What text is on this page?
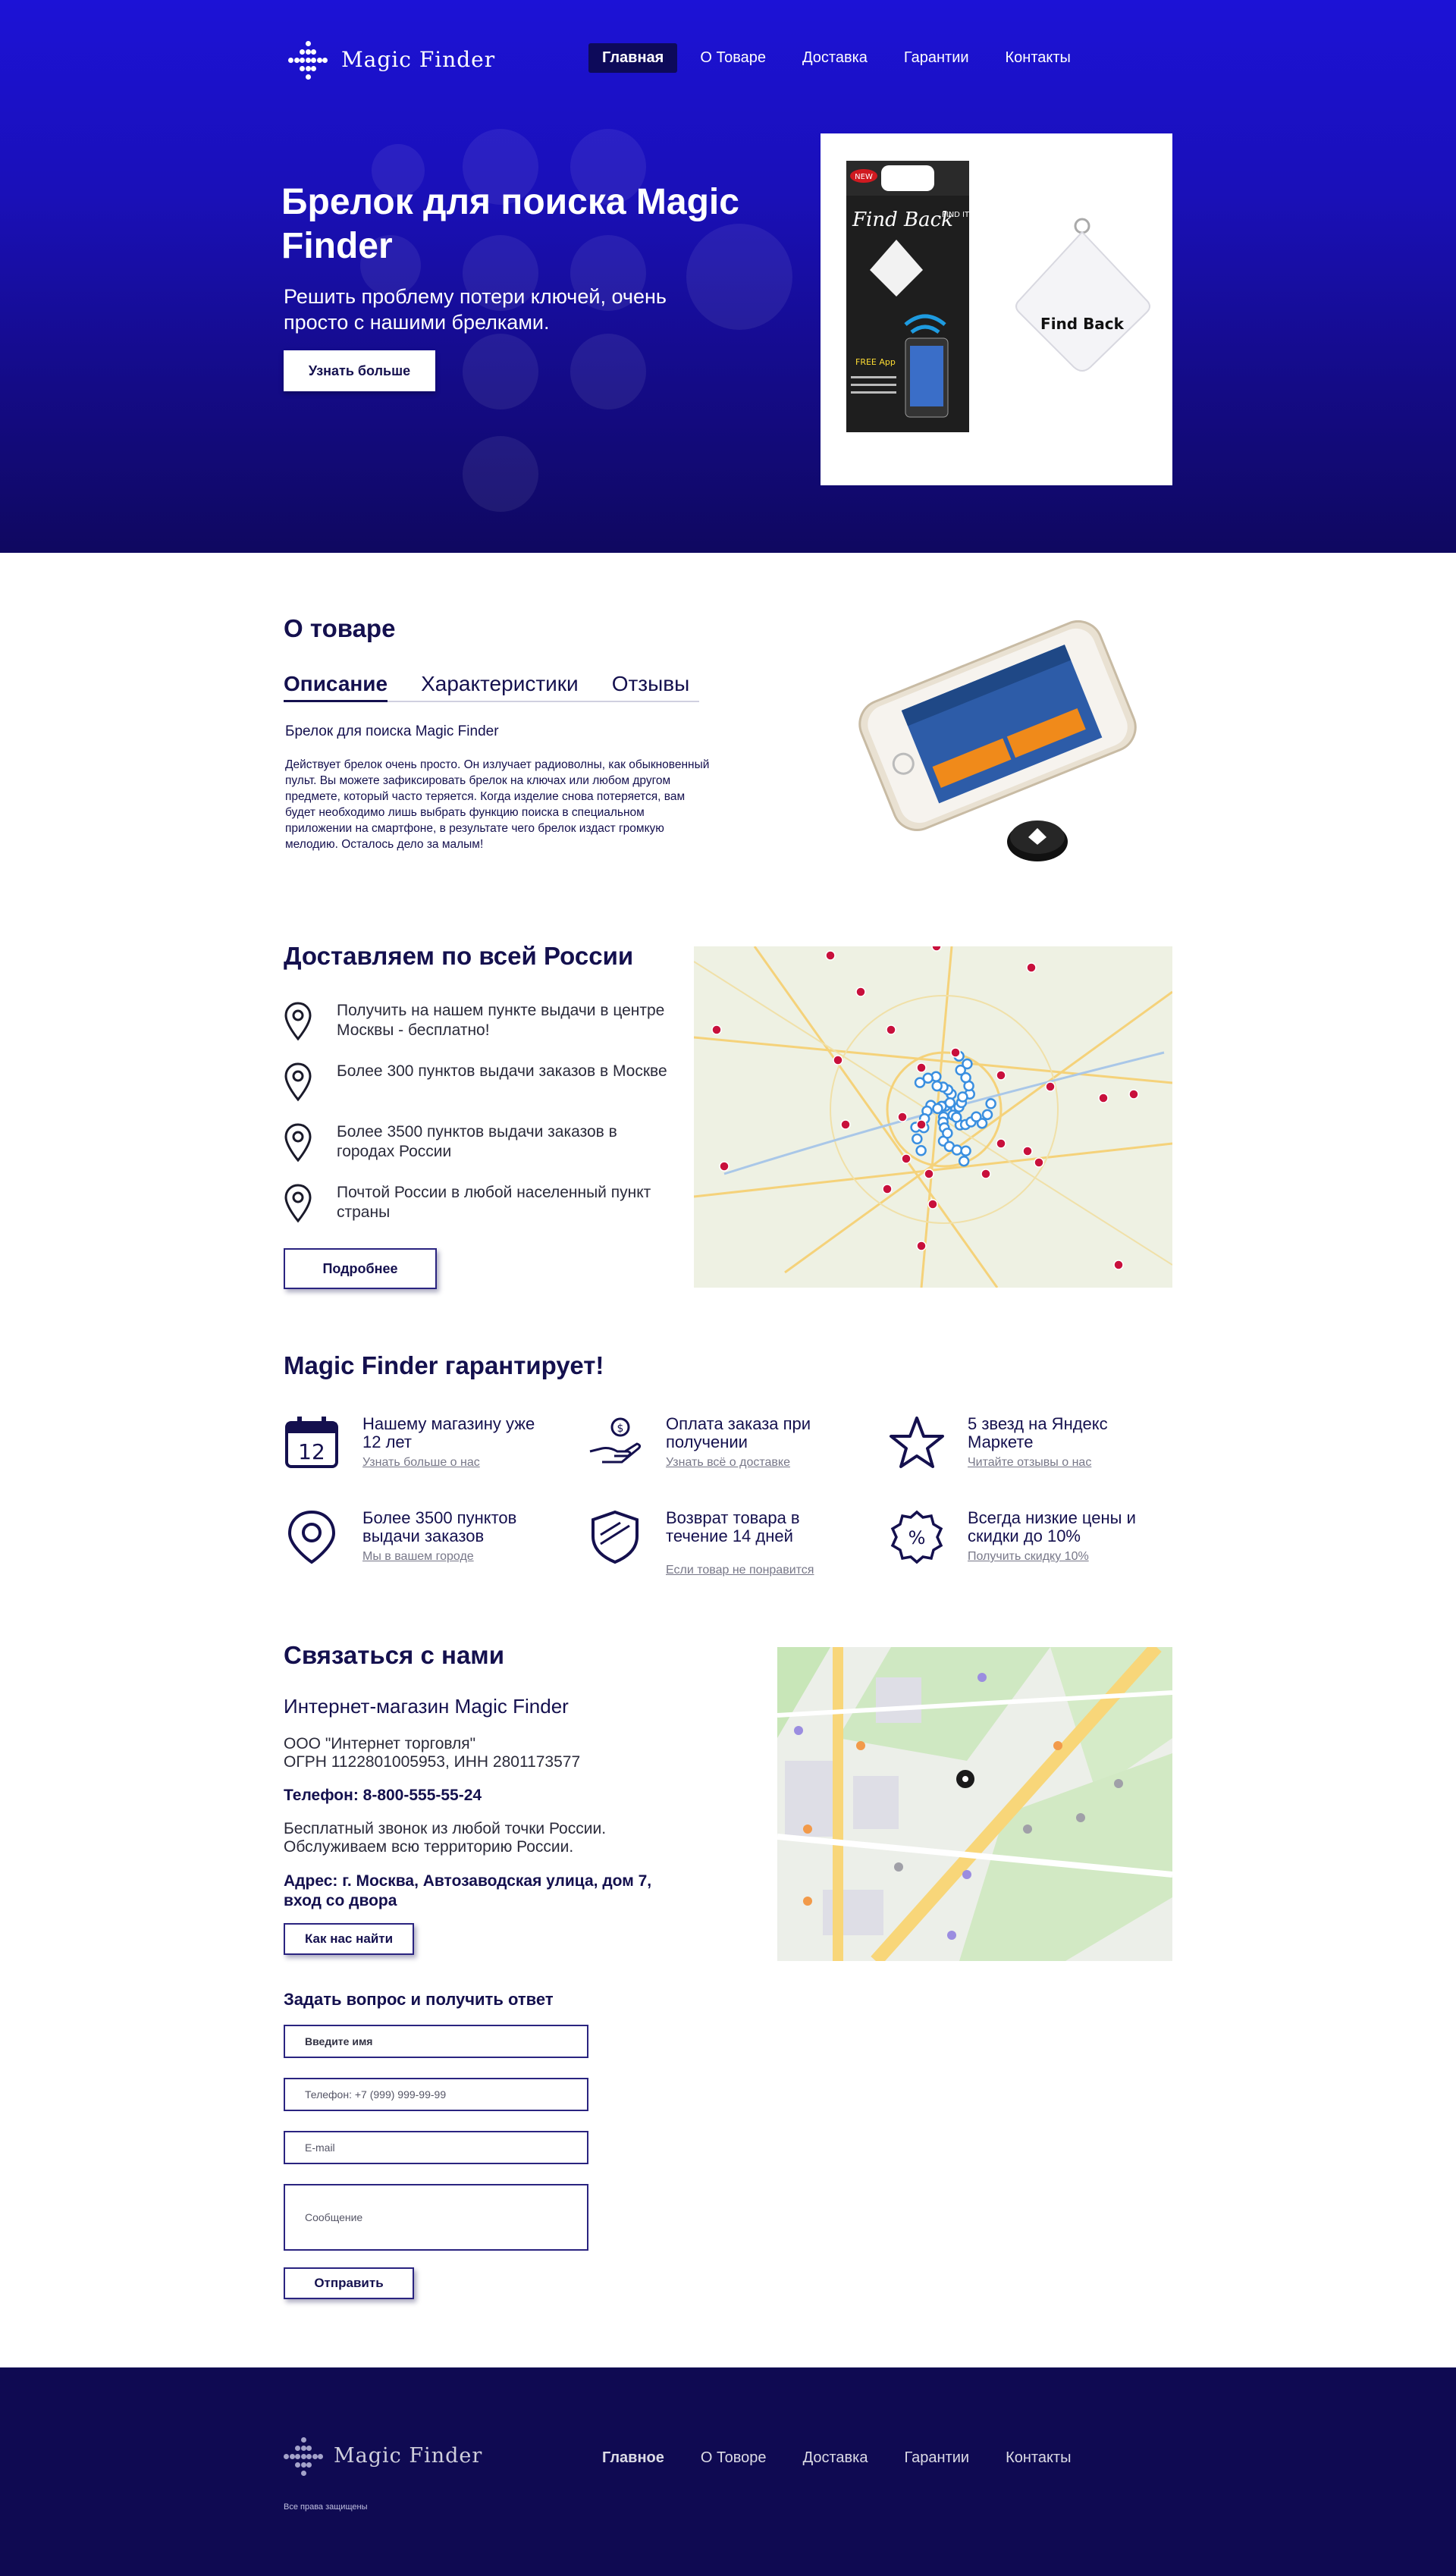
Magic Finder	Главная	О Товаре	Доставка	Гарантии	Контакты
Брелок для поиска Magic Finder

Решить проблему потери ключей, очень просто с нашими брелками.

Узнать больше
NEW
Find Back
FIND IT FAST!
FREE App
Find Back
О товаре
Описание Характеристики Отзывы
Брелок для поиска Magic Finder
Действует брелок очень просто. Он излучает радиоволны, как обыкновенный пульт. Вы можете зафиксировать брелок на ключах или любом другом предмете, который часто теряется. Когда изделие снова потеряется, вам будет необходимо лишь выбрать функцию поиска в специальном приложении на смартфоне, в результате чего брелок издаст громкую мелодию. Осталось дело за малым!
Доставляем по всей России

Получить на нашем пункте выдачи в центре Москвы - бесплатно!

Более 300 пунктов выдачи заказов в Москве

Более 3500 пунктов выдачи заказов в городах России

Почтой России в любой населенный пункт страны

Подробнее
Magic Finder гарантирует!
12
Нашему магазину уже 12 лет
Узнать больше о нас
$	Оплата заказа при получении
Узнать всё о доставке
5 звезд на Яндекс Маркете
Читайте отзывы о нас
Более 3500 пунктов выдачи заказов
Мы в вашем городе
Возврат товара в течение 14 дней
Если товар не понравится
%
Всегда низкие цены и скидки до 10%
Получить скидку 10%
Связаться с нами
Интернет-магазин Magic Finder
ООО "Интернет торговля"
ОГРН 1122801005953, ИНН 2801173577
Телефон: 8-800-555-55-24
Бесплатный звонок из любой точки России.
Обслуживаем всю территорию России.
Адрес: г. Москва, Автозаводская улица, дом 7, вход со двора
Как нас найти
Задать вопрос и получить ответ
Введите имя
Телефон: +7 (999) 999-99-99
E-mail
Сообщение
Отправить
Magic Finder	Главное	О Товоре	Доставка	Гарантии	Контакты
Все права защищены
